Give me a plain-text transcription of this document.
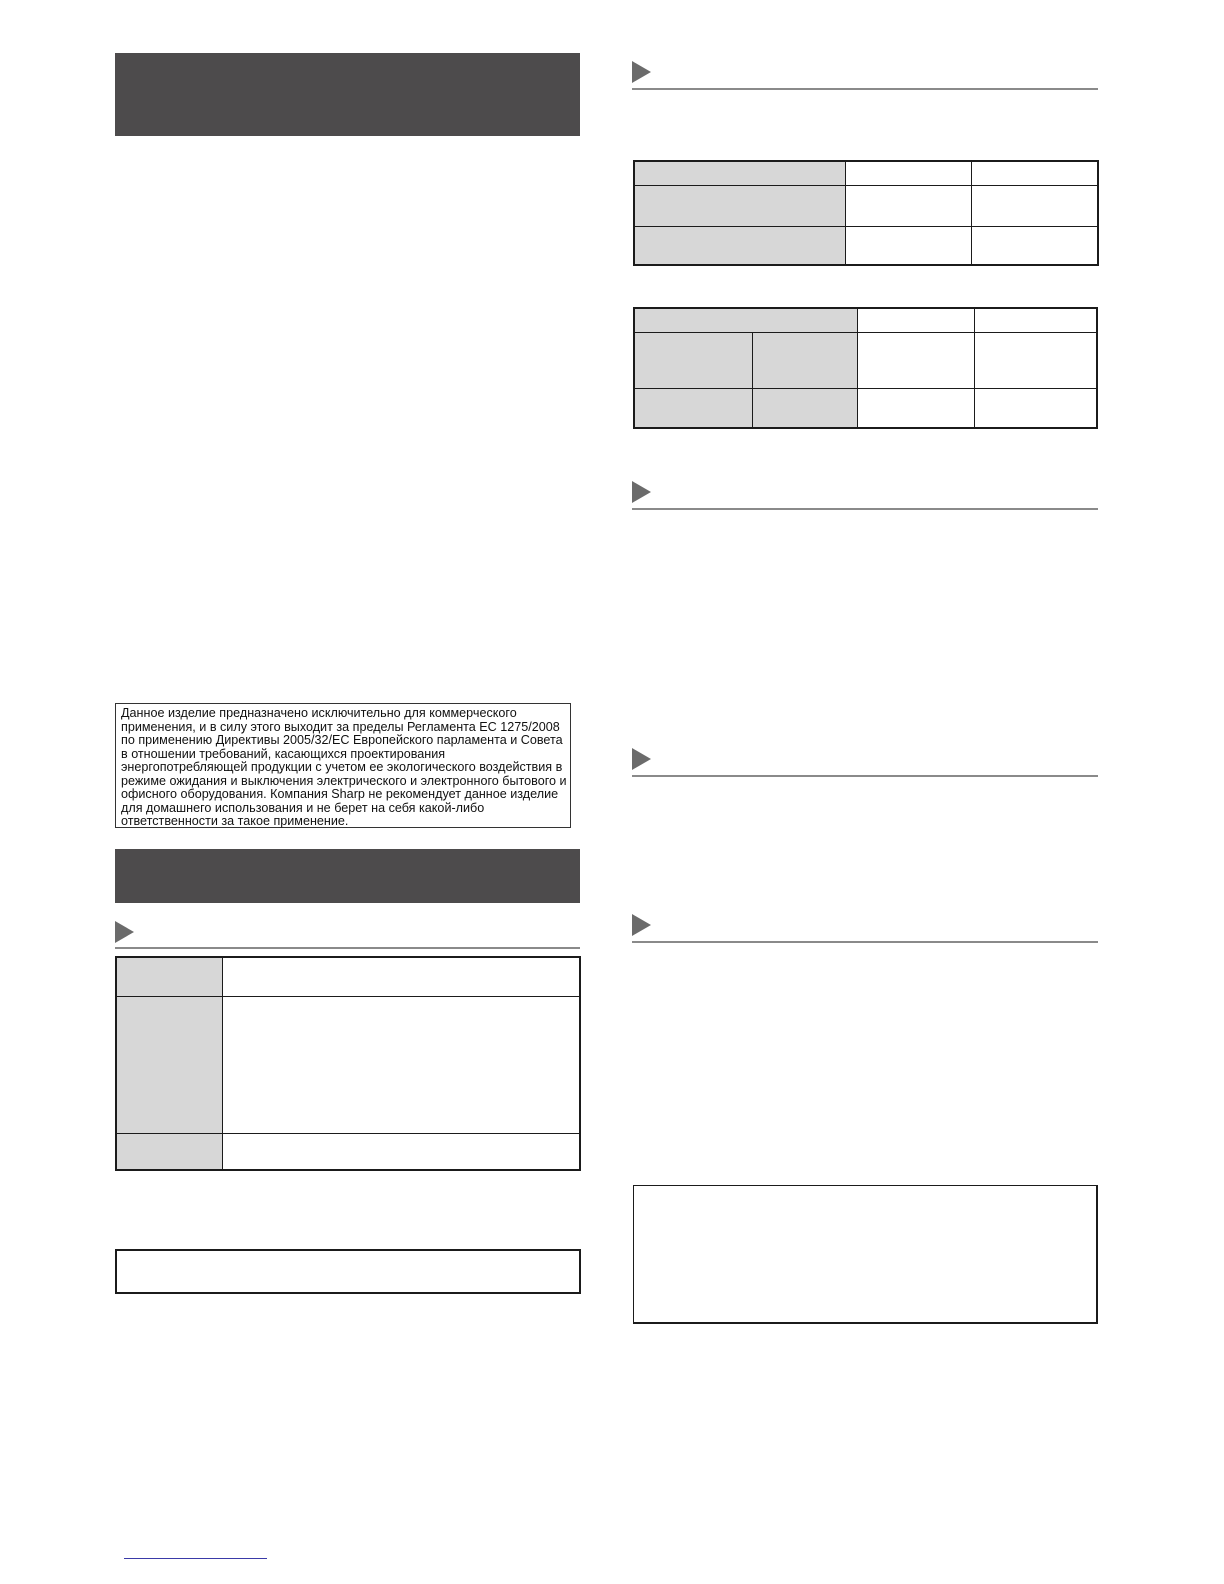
Данное изделие предназначено исключительно для коммерческого
применения, и в силу этого выходит за пределы Регламента ЕС 1275/2008
по применению Директивы 2005/32/ЕС Европейского парламента и Совета
в отношении требований, касающихся проектирования
энергопотребляющей продукции с учетом ее экологического воздействия в
режиме ожидания и выключения электрического и электронного бытового и
офисного оборудования. Компания Sharp не рекомендует данное изделие
для домашнего использования и не берет на себя какой-либо
ответственности за такое применение.
